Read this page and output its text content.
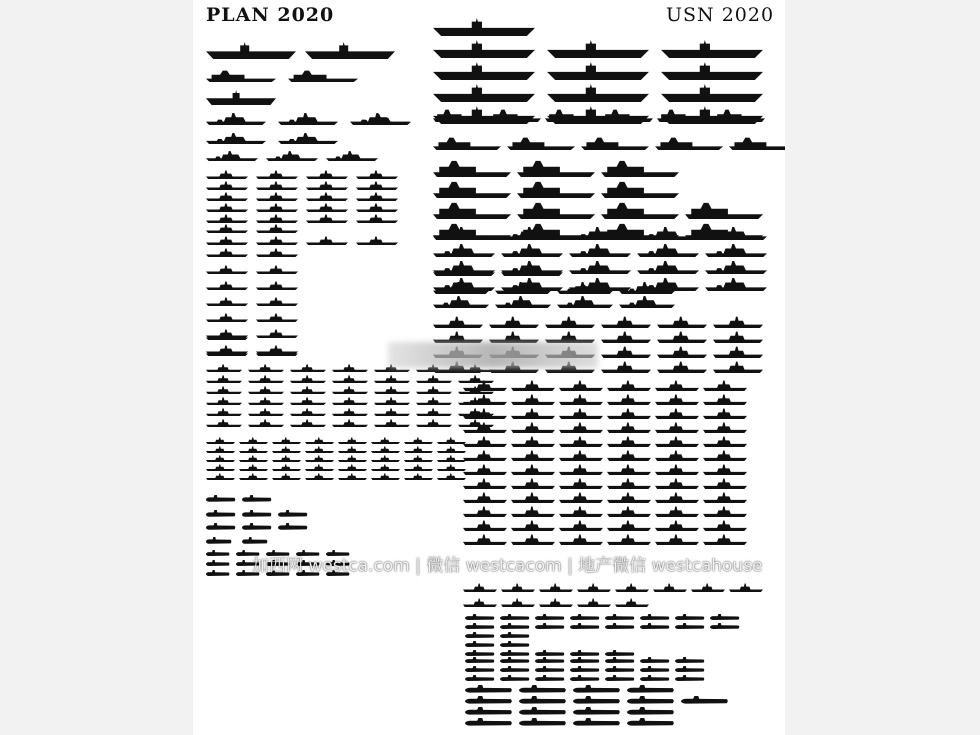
PLAN 2020	USN 2020
加西网 westca.com | 微信 westcacom | 地产微信 westcahouse
